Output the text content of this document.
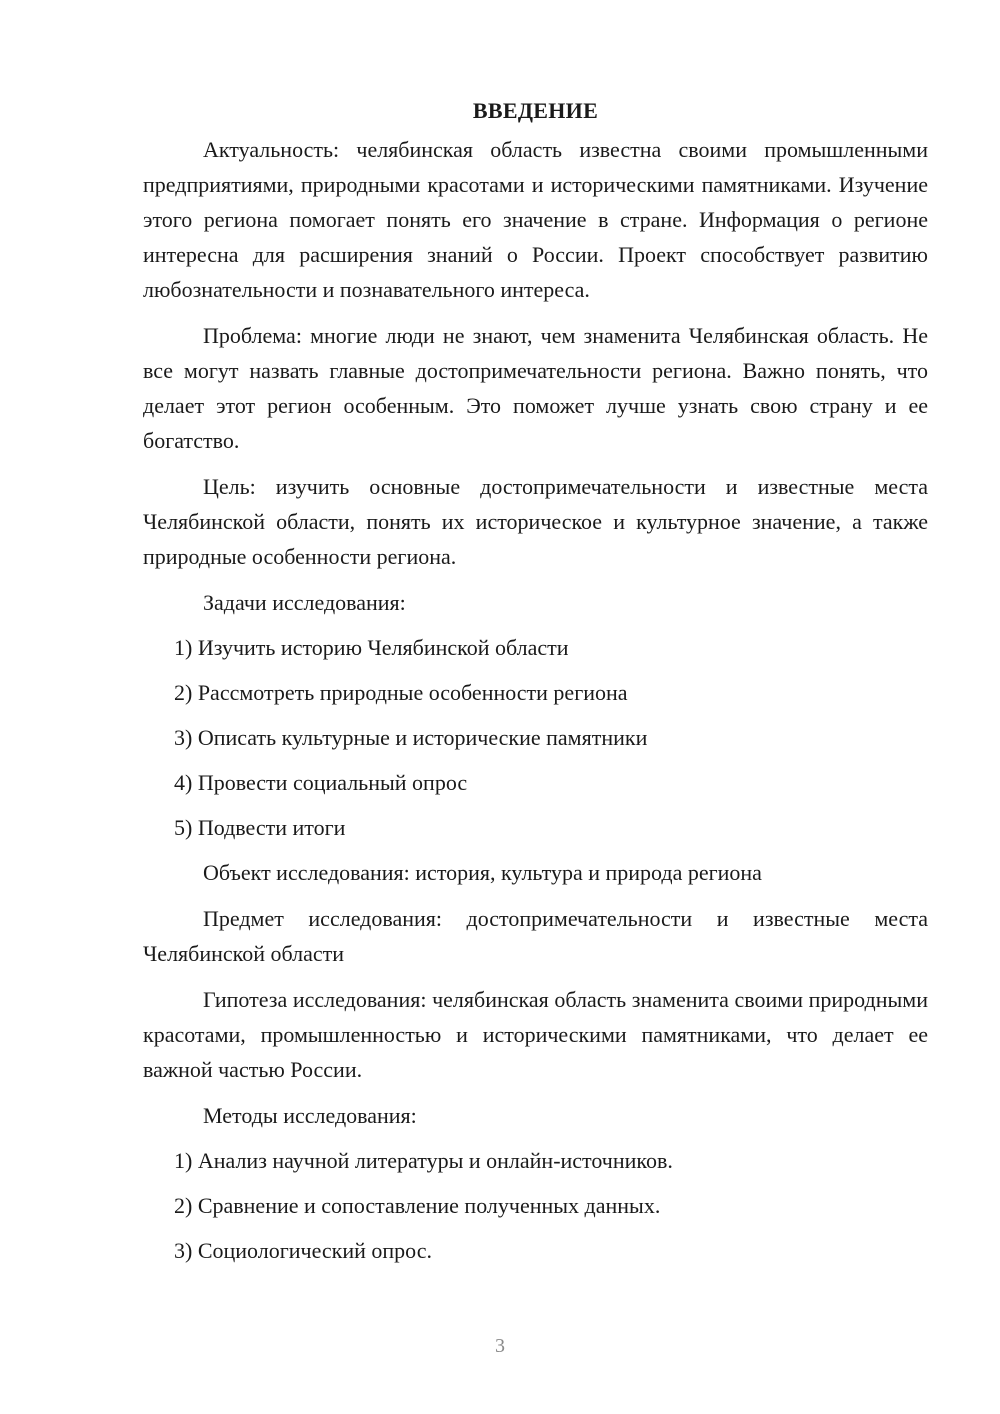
ВВЕДЕНИЕ

Актуальность: челябинская область известна своими промышленными предприятиями, природными красотами и историческими памятниками. Изучение этого региона помогает понять его значение в стране. Информация о регионе интересна для расширения знаний о России. Проект способствует развитию любознательности и познавательного интереса.

Проблема: многие люди не знают, чем знаменита Челябинская область. Не все могут назвать главные достопримечательности региона. Важно понять, что делает этот регион особенным. Это поможет лучше узнать свою страну и ее богатство.

Цель: изучить основные достопримечательности и известные места Челябинской области, понять их историческое и культурное значение, а также природные особенности региона.

Задачи исследования:
1) Изучить историю Челябинской области
2) Рассмотреть природные особенности региона
3) Описать культурные и исторические памятники
4) Провести социальный опрос
5) Подвести итоги

Объект исследования: история, культура и природа региона

Предмет исследования: достопримечательности и известные места Челябинской области

Гипотеза исследования: челябинская область знаменита своими природными красотами, промышленностью и историческими памятниками, что делает ее важной частью России.

Методы исследования:
1) Анализ научной литературы и онлайн-источников.
2) Сравнение и сопоставление полученных данных.
3) Социологический опрос.
3
